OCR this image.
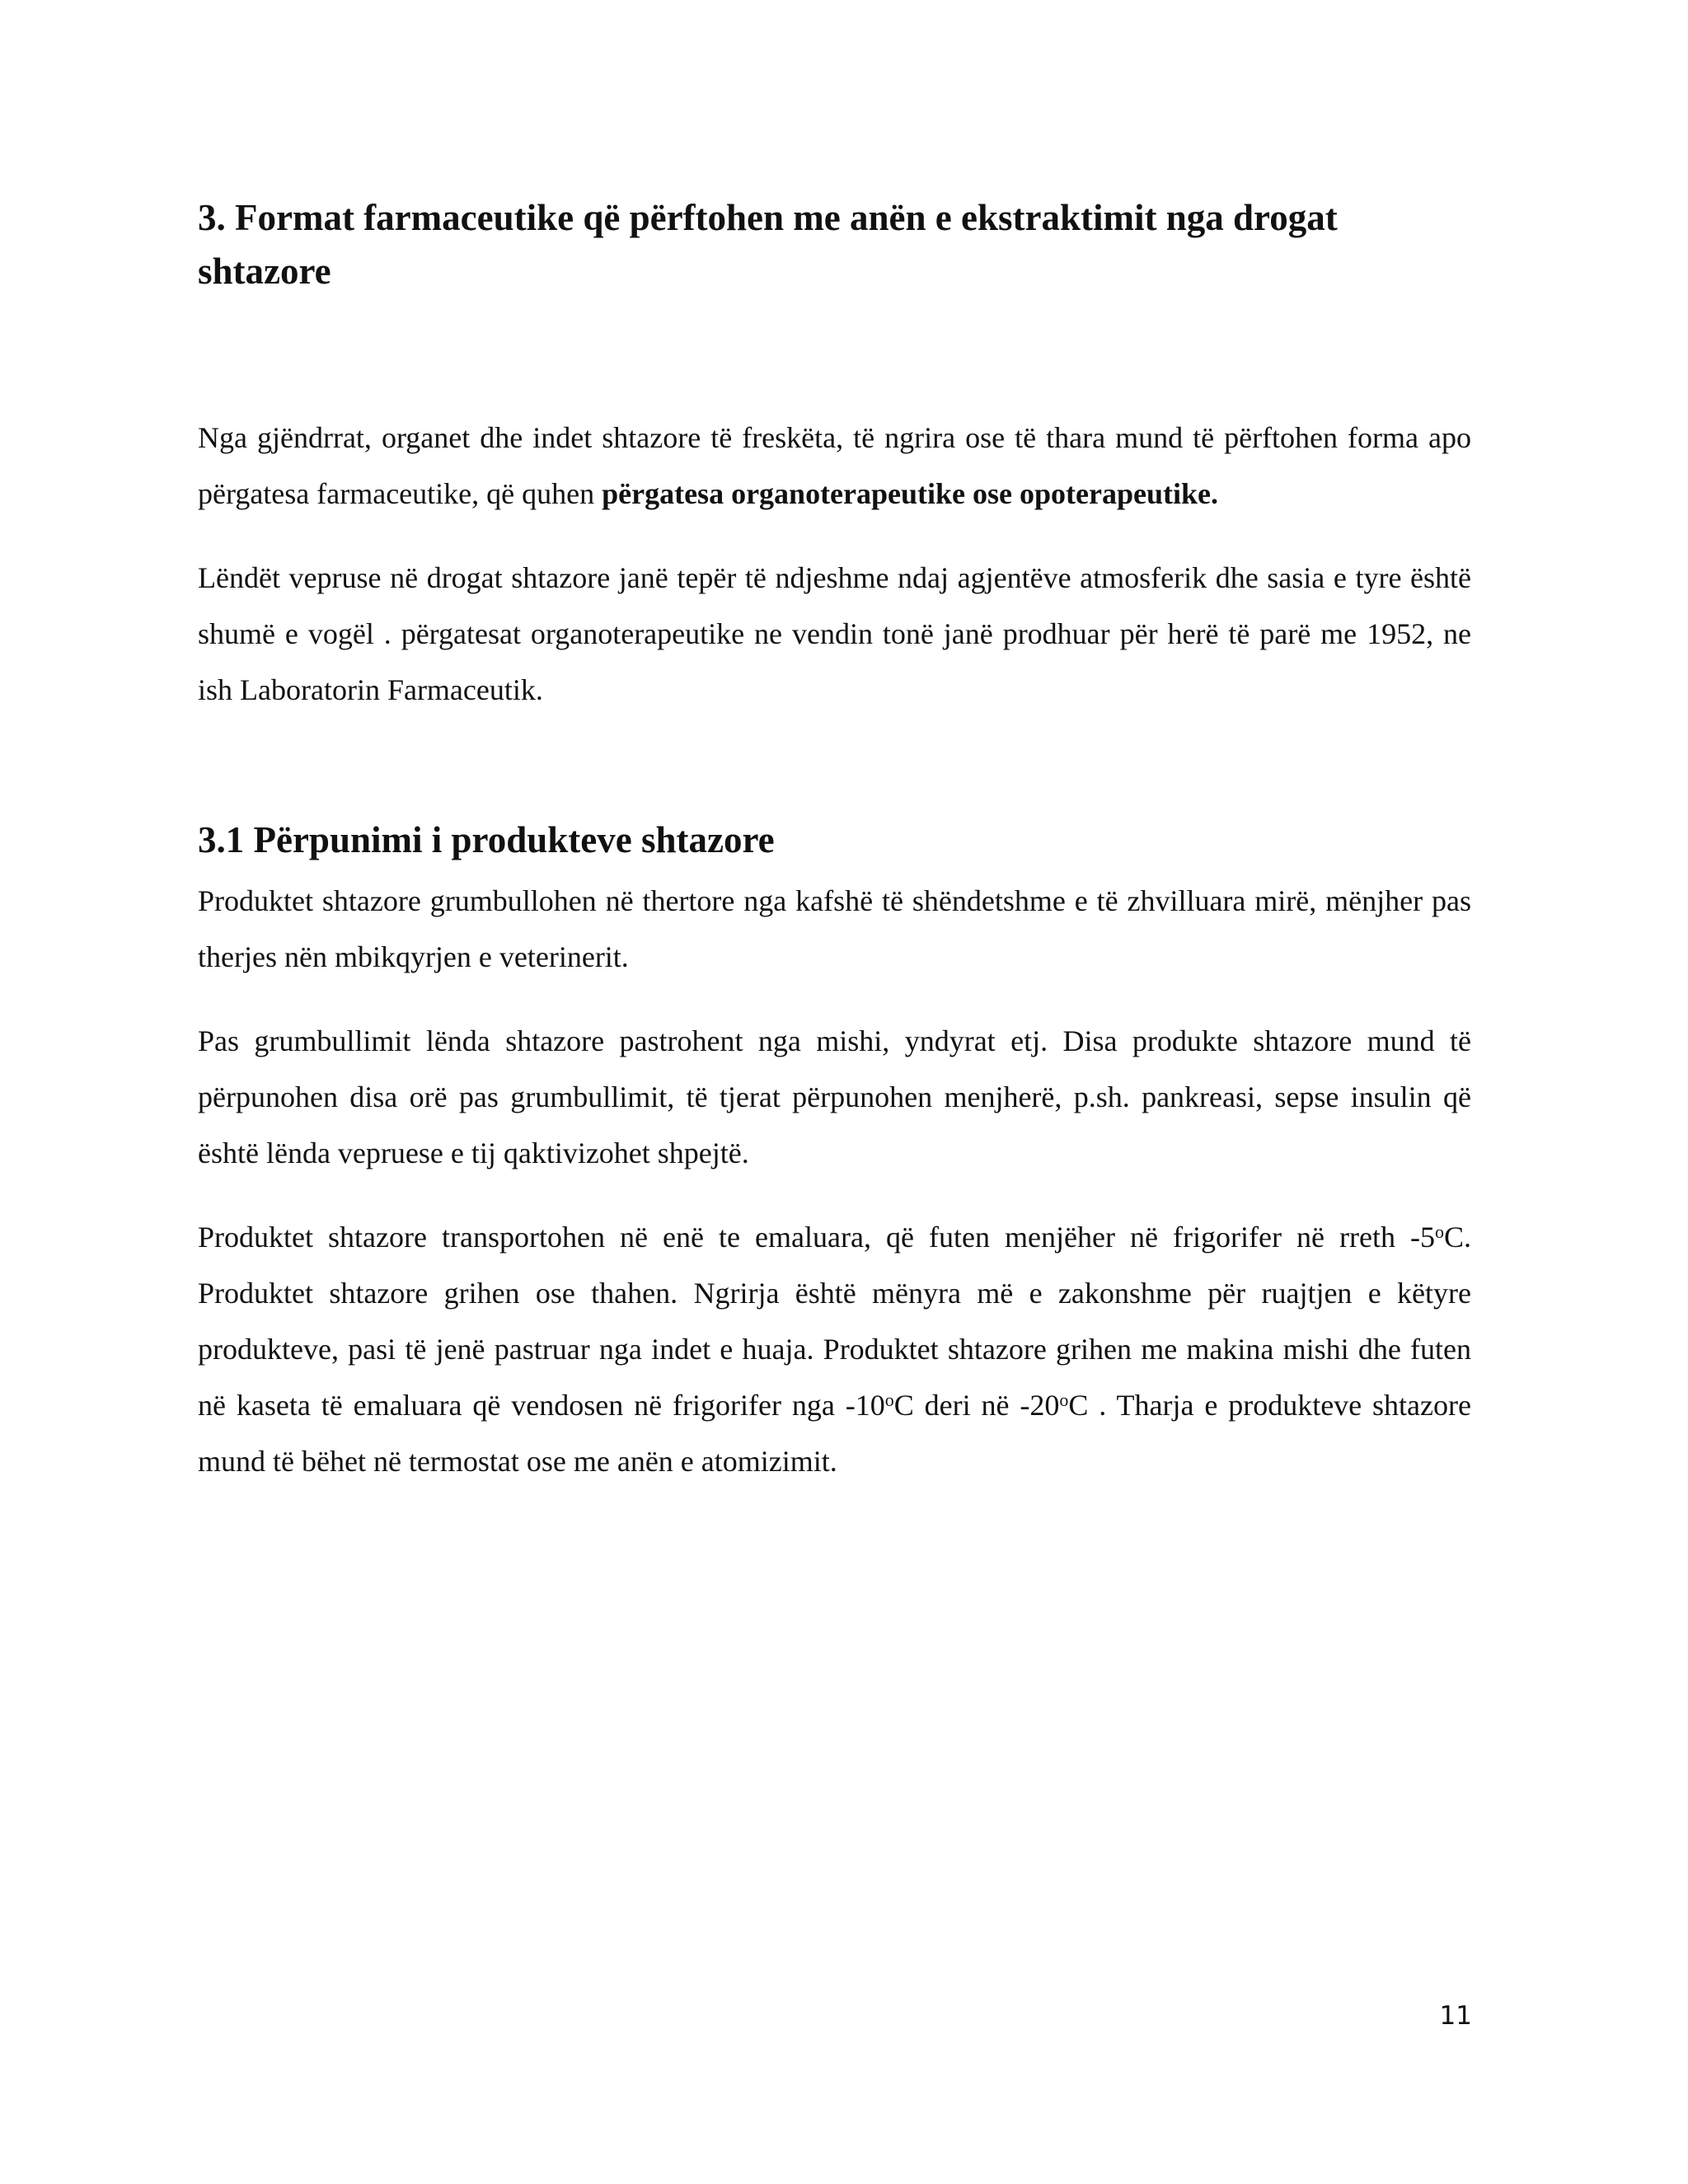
3. Format farmaceutike që përftohen me anën e ekstraktimit nga drogat shtazore

Nga gjëndrrat, organet dhe indet shtazore të freskëta, të ngrira ose të thara mund të përftohen forma apo përgatesa farmaceutike, që quhen përgatesa organoterapeutike ose opoterapeutike.

Lëndët vepruse në drogat shtazore janë tepër të ndjeshme ndaj agjentëve atmosferik dhe sasia e tyre është shumë e vogël . përgatesat organoterapeutike ne vendin tonë janë prodhuar për herë të parë me 1952, ne ish Laboratorin Farmaceutik.

3.1 Përpunimi i produkteve shtazore

Produktet shtazore grumbullohen në thertore nga kafshë të shëndetshme e të zhvilluara mirë, mënjher pas therjes nën mbikqyrjen e veterinerit.

Pas grumbullimit lënda shtazore pastrohent nga mishi, yndyrat etj. Disa produkte shtazore mund të përpunohen disa orë pas grumbullimit, të tjerat përpunohen menjherë, p.sh. pankreasi, sepse insulin që është lënda vepruese e tij qaktivizohet shpejtë.

Produktet shtazore transportohen në enë te emaluara, që futen menjëher në frigorifer në rreth -5$^o$C. Produktet shtazore grihen ose thahen. Ngrirja është mënyra më e zakonshme për ruajtjen e këtyre produkteve, pasi të jenë pastruar nga indet e huaja. Produktet shtazore grihen me makina mishi dhe futen në kaseta të emaluara që vendosen në frigorifer nga -10$^o$C deri në -20$^o$C . Tharja e produkteve shtazore mund të bëhet në termostat ose me anën e atomizimit.

11
